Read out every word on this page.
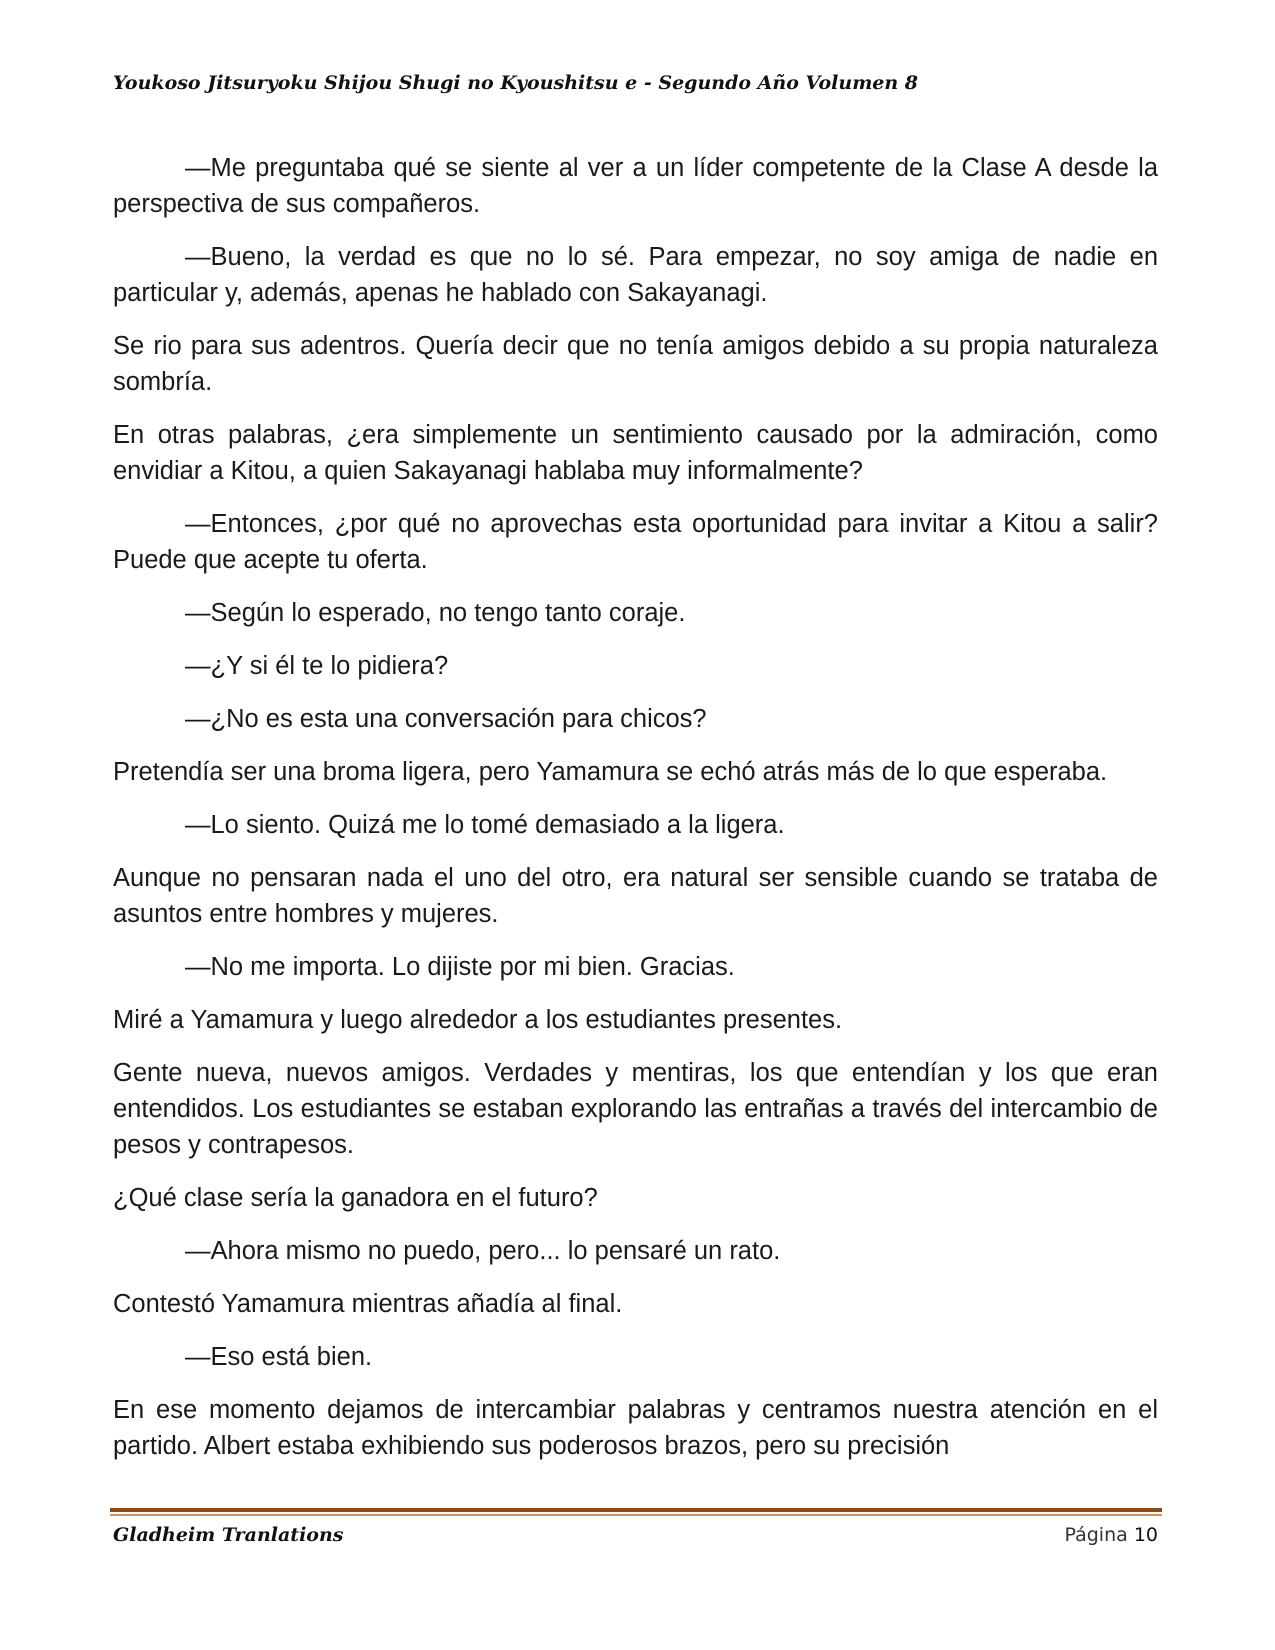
Youkoso Jitsuryoku Shijou Shugi no Kyoushitsu e - Segundo Año Volumen 8

—Me preguntaba qué se siente al ver a un líder competente de la Clase A desde la perspectiva de sus compañeros.

—Bueno, la verdad es que no lo sé. Para empezar, no soy amiga de nadie en particular y, además, apenas he hablado con Sakayanagi.

Se rio para sus adentros. Quería decir que no tenía amigos debido a su propia naturaleza sombría.

En otras palabras, ¿era simplemente un sentimiento causado por la admiración, como envidiar a Kitou, a quien Sakayanagi hablaba muy informalmente?

—Entonces, ¿por qué no aprovechas esta oportunidad para invitar a Kitou a salir? Puede que acepte tu oferta.

—Según lo esperado, no tengo tanto coraje.

—¿Y si él te lo pidiera?

—¿No es esta una conversación para chicos?

Pretendía ser una broma ligera, pero Yamamura se echó atrás más de lo que esperaba.

—Lo siento. Quizá me lo tomé demasiado a la ligera.

Aunque no pensaran nada el uno del otro, era natural ser sensible cuando se trataba de asuntos entre hombres y mujeres.

—No me importa. Lo dijiste por mi bien. Gracias.

Miré a Yamamura y luego alrededor a los estudiantes presentes.

Gente nueva, nuevos amigos. Verdades y mentiras, los que entendían y los que eran entendidos. Los estudiantes se estaban explorando las entrañas a través del intercambio de pesos y contrapesos.

¿Qué clase sería la ganadora en el futuro?

—Ahora mismo no puedo, pero... lo pensaré un rato.

Contestó Yamamura mientras añadía al final.

—Eso está bien.

En ese momento dejamos de intercambiar palabras y centramos nuestra atención en el partido. Albert estaba exhibiendo sus poderosos brazos, pero su precisión

Gladheim Tranlations	Página 10
